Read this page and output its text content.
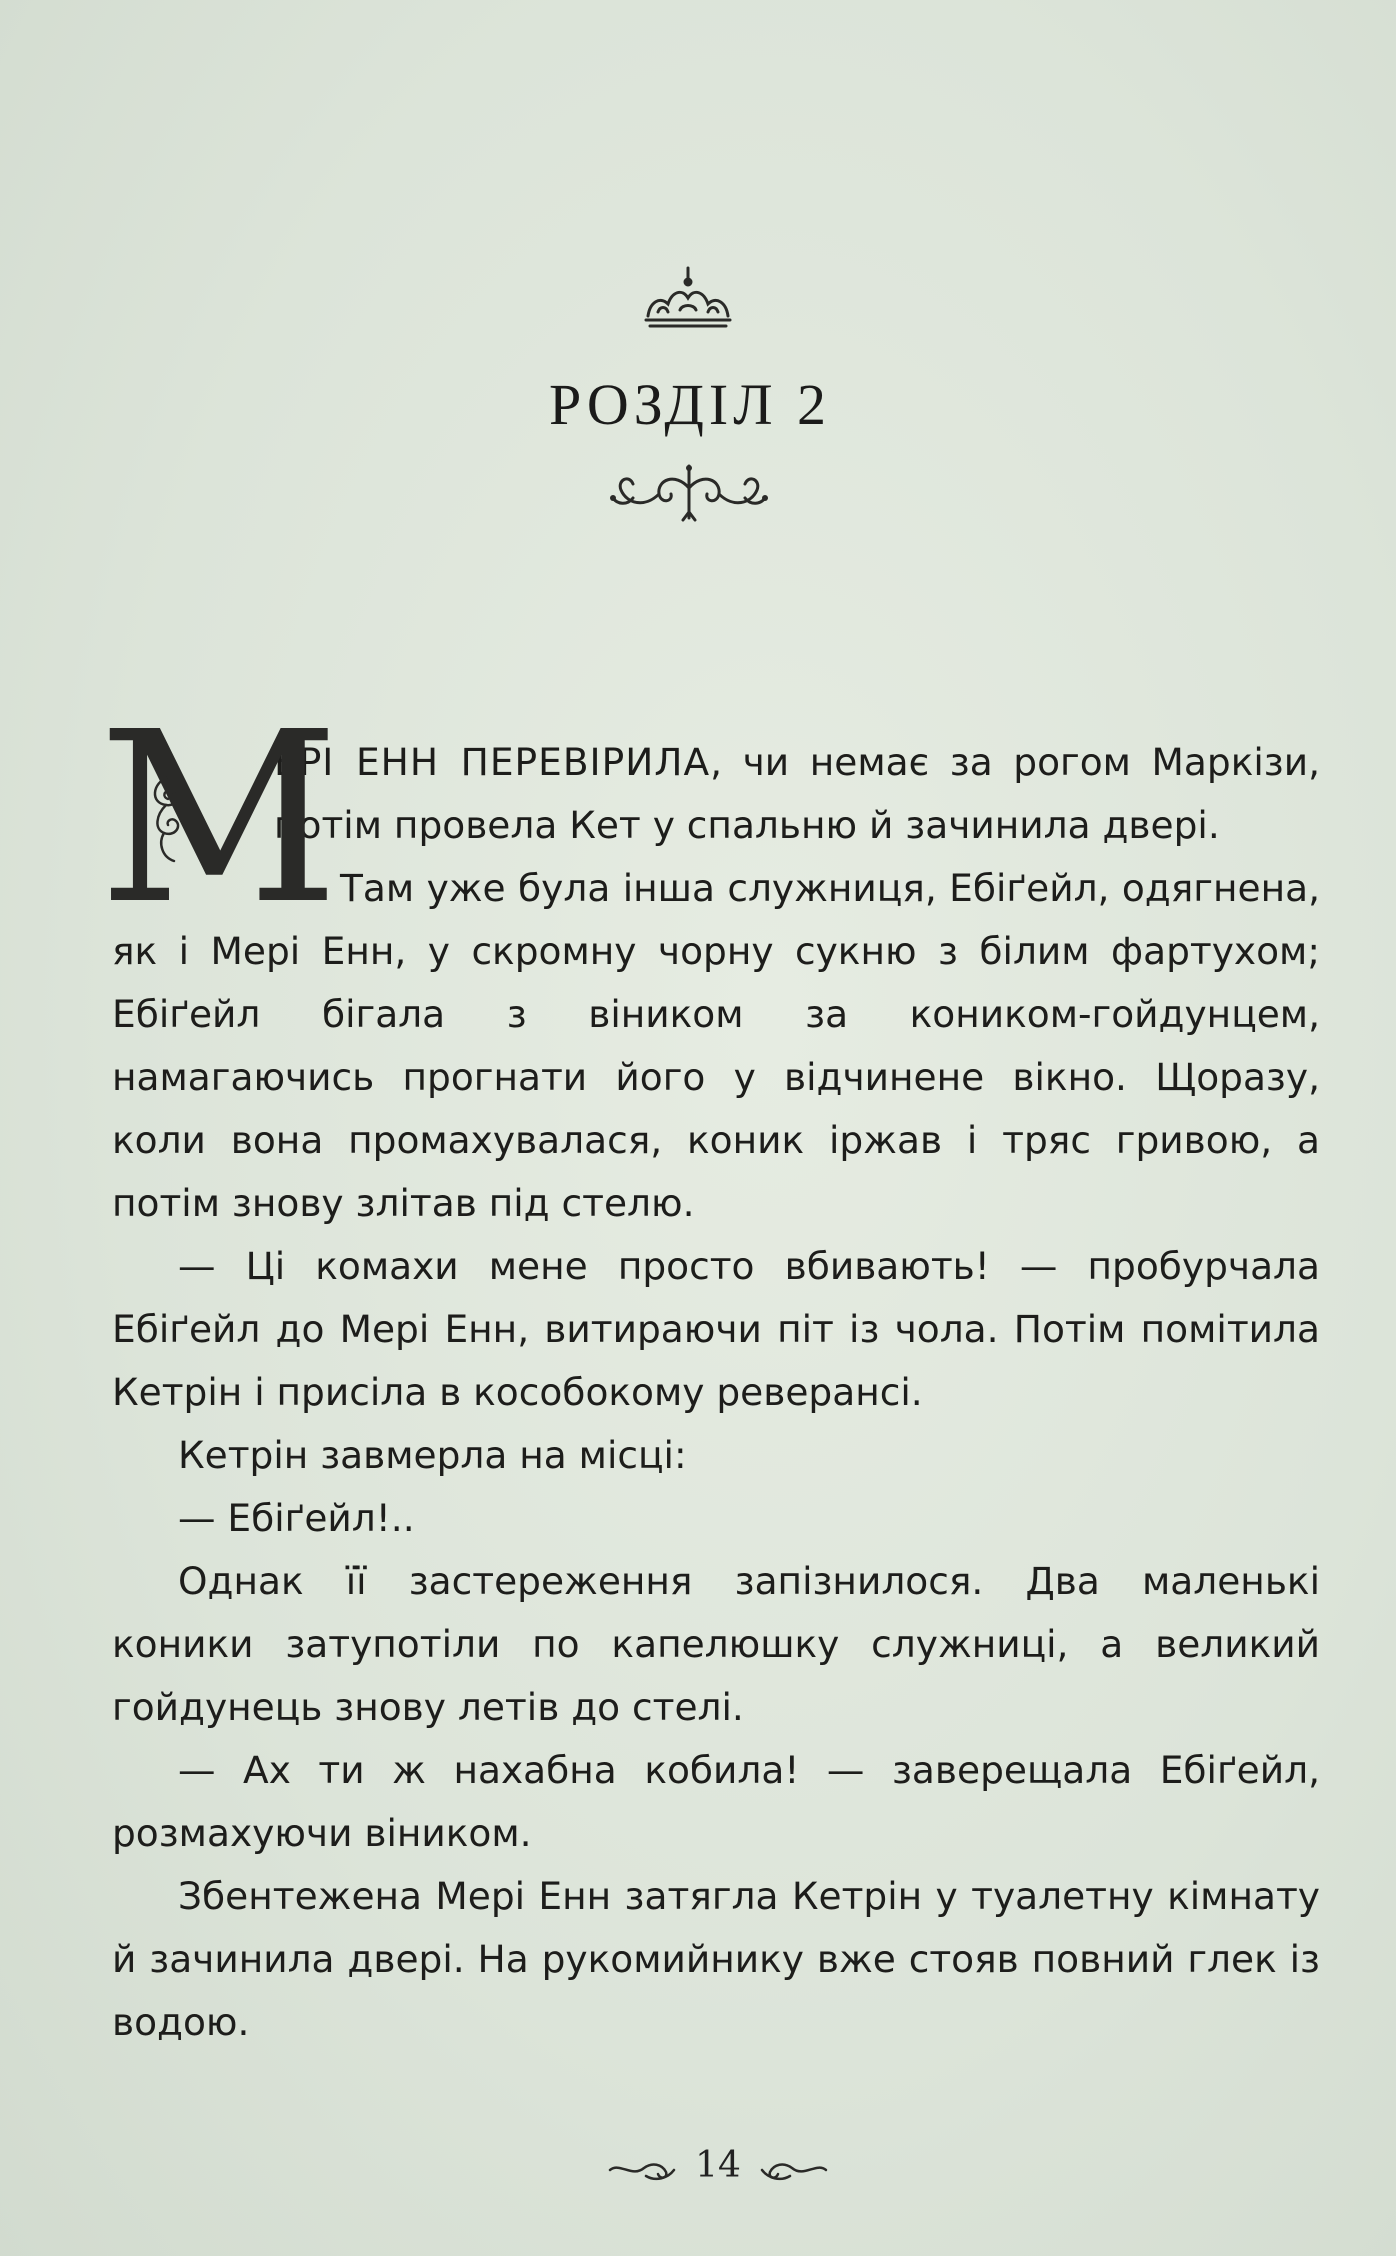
РОЗДІЛ 2

М
ЕРІ ЕНН ПЕРЕВІРИЛА, чи немає за рогом Маркізи, потім провела Кет у спальню й зачинила двері.

Там уже була інша служниця, Ебіґейл, одягнена, як і Мері Енн, у скромну чорну сукню з білим фартухом; Ебіґейл бігала з віником за коником-гойдунцем, намагаючись прогнати його у відчинене вікно. Щоразу, коли вона промахувалася, коник іржав і тряс гривою, а потім знову злітав під стелю.

— Ці комахи мене просто вбивають! — пробурчала Ебіґейл до Мері Енн, витираючи піт із чола. Потім помітила Кетрін і присіла в кособокому реверансі.

Кетрін завмерла на місці:

— Ебіґейл!..

Однак її застереження запізнилося. Два маленькі коники затупотіли по капелюшку служниці, а великий гойдунець знову летів до стелі.

— Ах ти ж нахабна кобила! — заверещала Ебіґейл, розмахуючи віником.

Збентежена Мері Енн затягла Кетрін у туалетну кімнату й зачинила двері. На рукомийнику вже стояв повний глек із водою.

14
